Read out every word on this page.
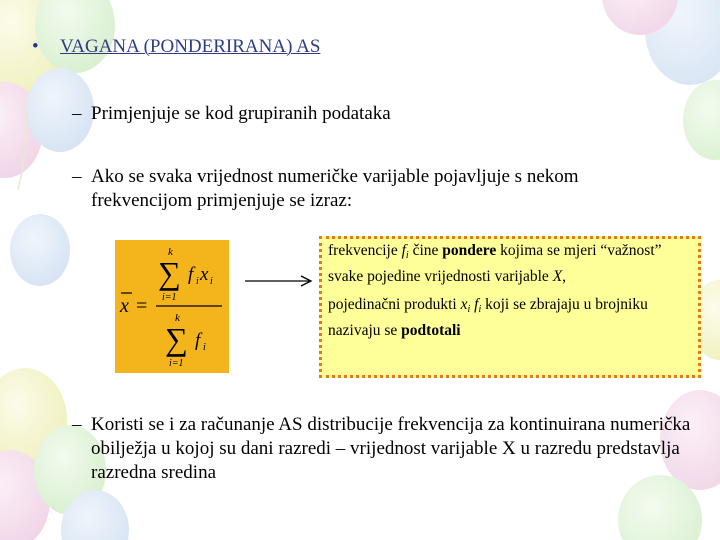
• VAGANA (PONDERIRANA) AS
– Primjenjuje se kod grupiranih podataka
– Ako se svaka vrijednost numeričke varijable pojavljuje s nekom frekvencijom primjenjuje se izraz:
x =
k
∑
i=1
f i x i
k
∑
i=1
f i

frekvencije $f_i$ čine pondere kojima se mjeri “važnost” svake pojedine vrijednosti varijable X,

pojedinačni produkti $x_i$ $f_i$ koji se zbrajaju u brojniku nazivaju se podtotali

– Koristi se i za računanje AS distribucije frekvencija za kontinuirana numerička obilježja u kojoj su dani razredi – vrijednost varijable X u razredu predstavlja razredna sredina
